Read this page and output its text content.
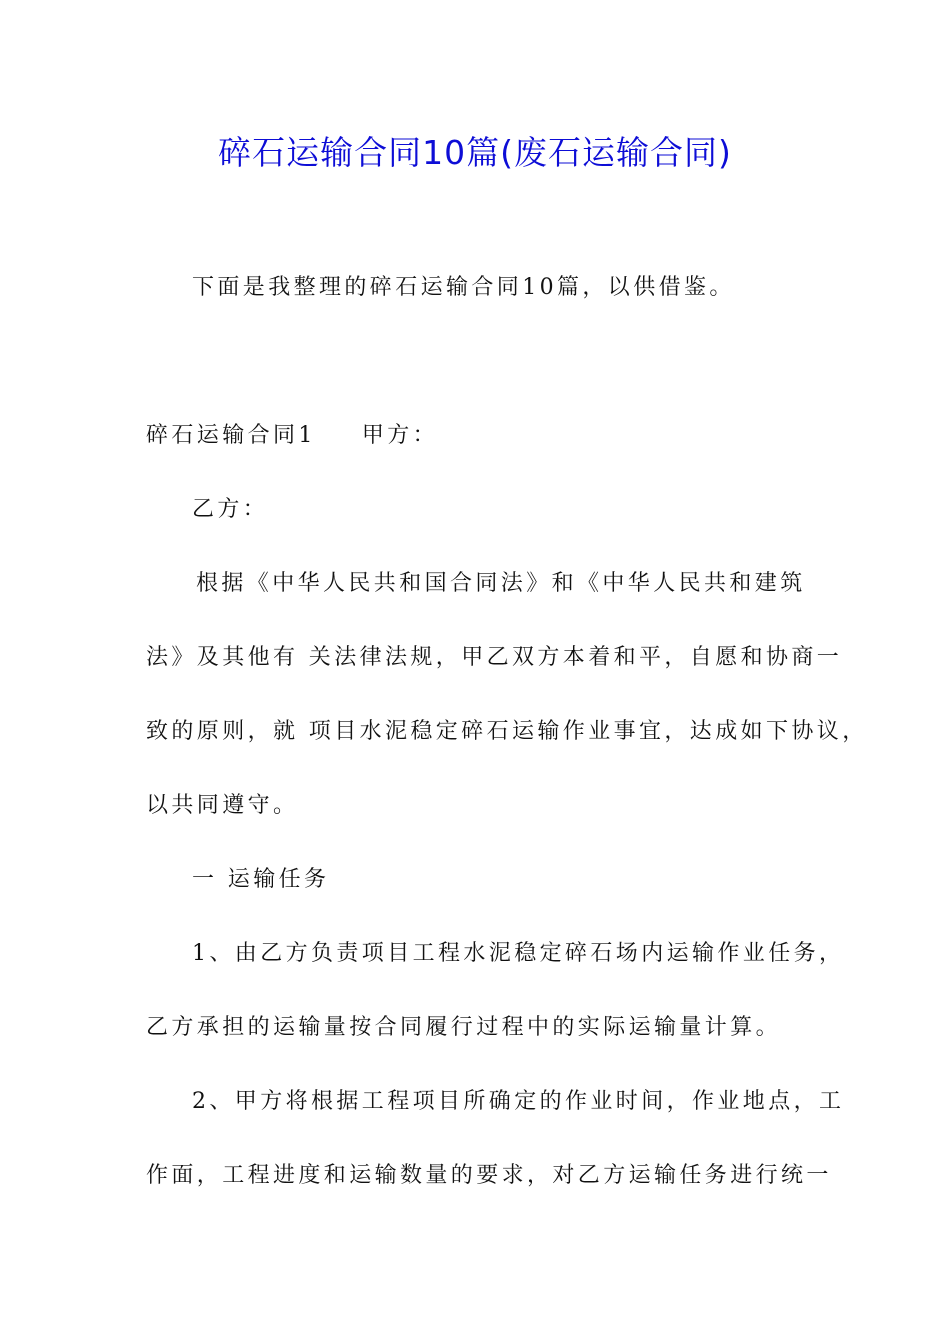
碎石运输合同10篇(废石运输合同)
下面是我整理的碎石运输合同10篇，以供借鉴。
碎石运输合同1 甲方：
乙方：
根据《中华人民共和国合同法》和《中华人民共和建筑
法》及其他有 关法律法规，甲乙双方本着和平，自愿和协商一
致的原则，就 项目水泥稳定碎石运输作业事宜，达成如下协议，
以共同遵守。
一 运输任务
1、由乙方负责项目工程水泥稳定碎石场内运输作业任务，
乙方承担的运输量按合同履行过程中的实际运输量计算。
2、甲方将根据工程项目所确定的作业时间，作业地点，工
作面，工程进度和运输数量的要求，对乙方运输任务进行统一
